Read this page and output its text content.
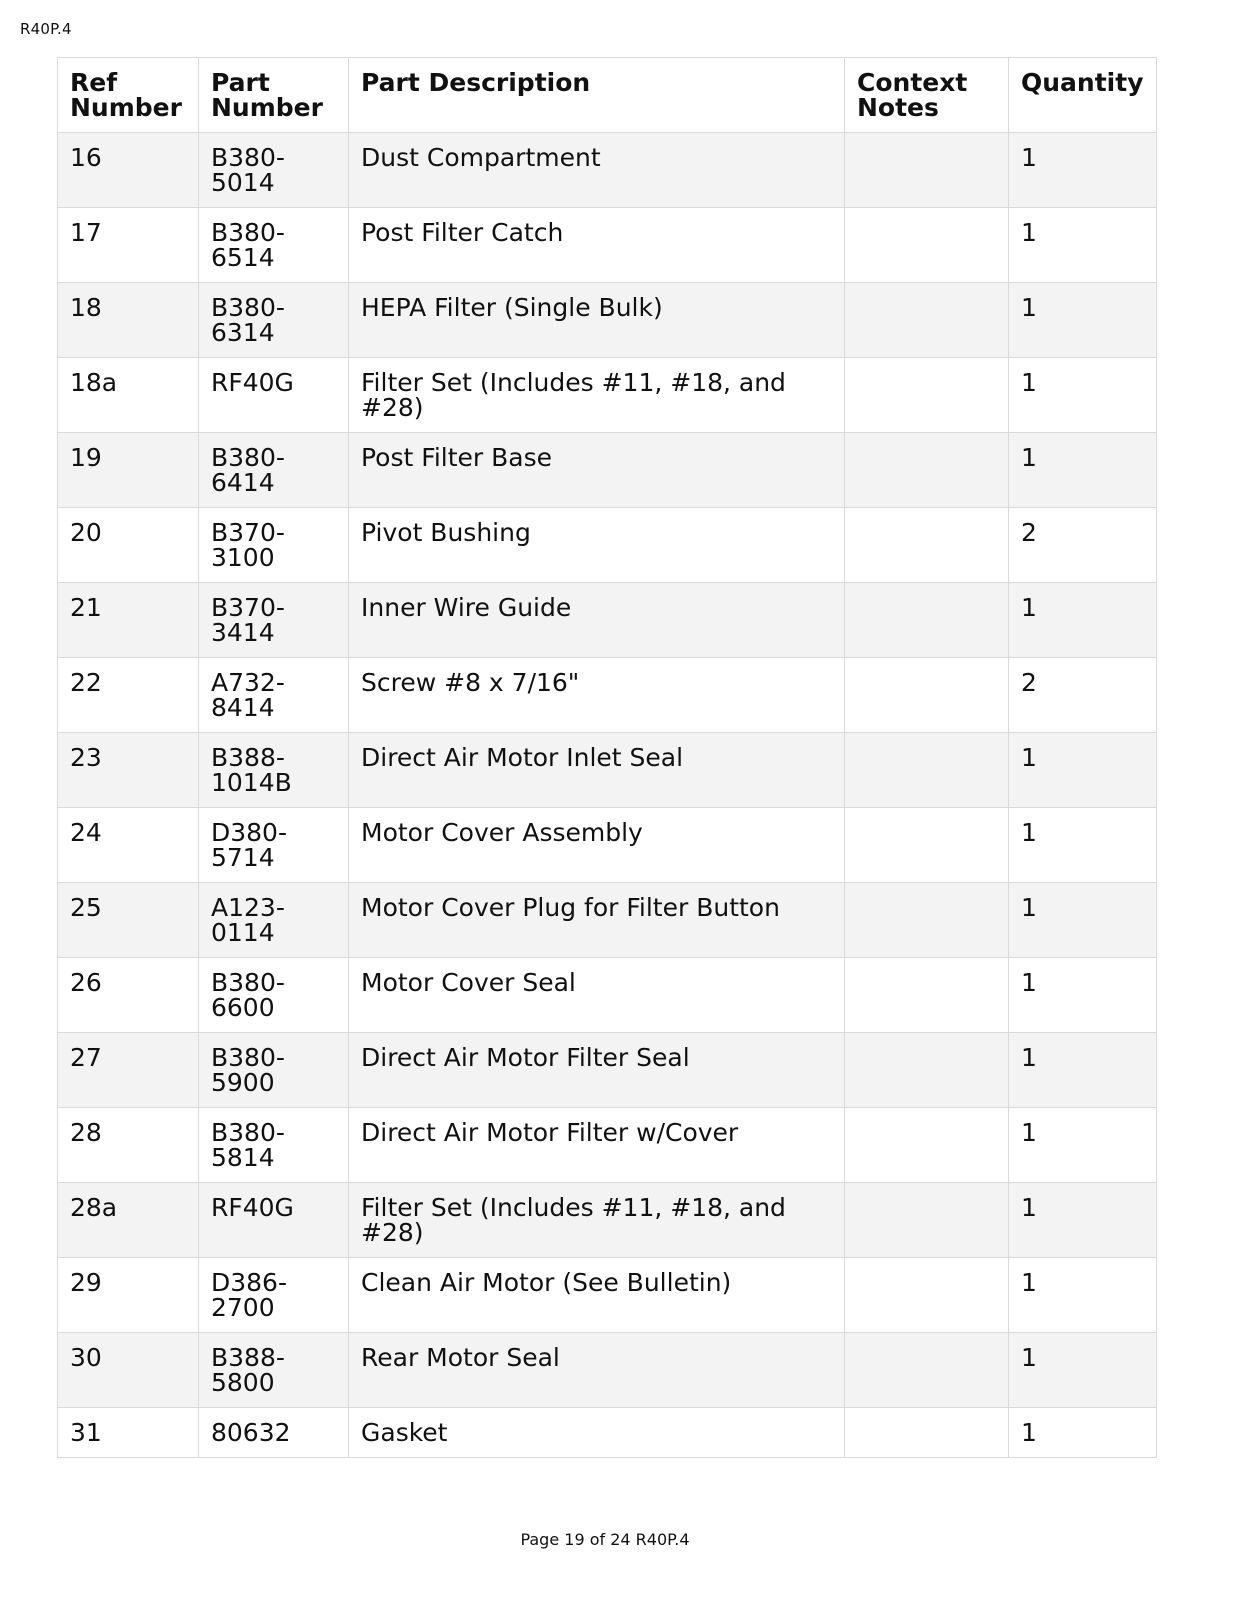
R40P.4
Ref Number	Part Number	Part Description	Context Notes	Quantity
16	B380-5014	Dust Compartment		1
17	B380-6514	Post Filter Catch		1
18	B380-6314	HEPA Filter (Single Bulk)		1
18a	RF40G	Filter Set (Includes #11, #18, and #28)		1
19	B380-6414	Post Filter Base		1
20	B370-3100	Pivot Bushing		2
21	B370-3414	Inner Wire Guide		1
22	A732-8414	Screw #8 x 7/16"		2
23	B388-1014B	Direct Air Motor Inlet Seal		1
24	D380-5714	Motor Cover Assembly		1
25	A123-0114	Motor Cover Plug for Filter Button		1
26	B380-6600	Motor Cover Seal		1
27	B380-5900	Direct Air Motor Filter Seal		1
28	B380-5814	Direct Air Motor Filter w/Cover		1
28a	RF40G	Filter Set (Includes #11, #18, and #28)		1
29	D386-2700	Clean Air Motor (See Bulletin)		1
30	B388-5800	Rear Motor Seal		1
31	80632	Gasket		1
Page 19 of 24 R40P.4
